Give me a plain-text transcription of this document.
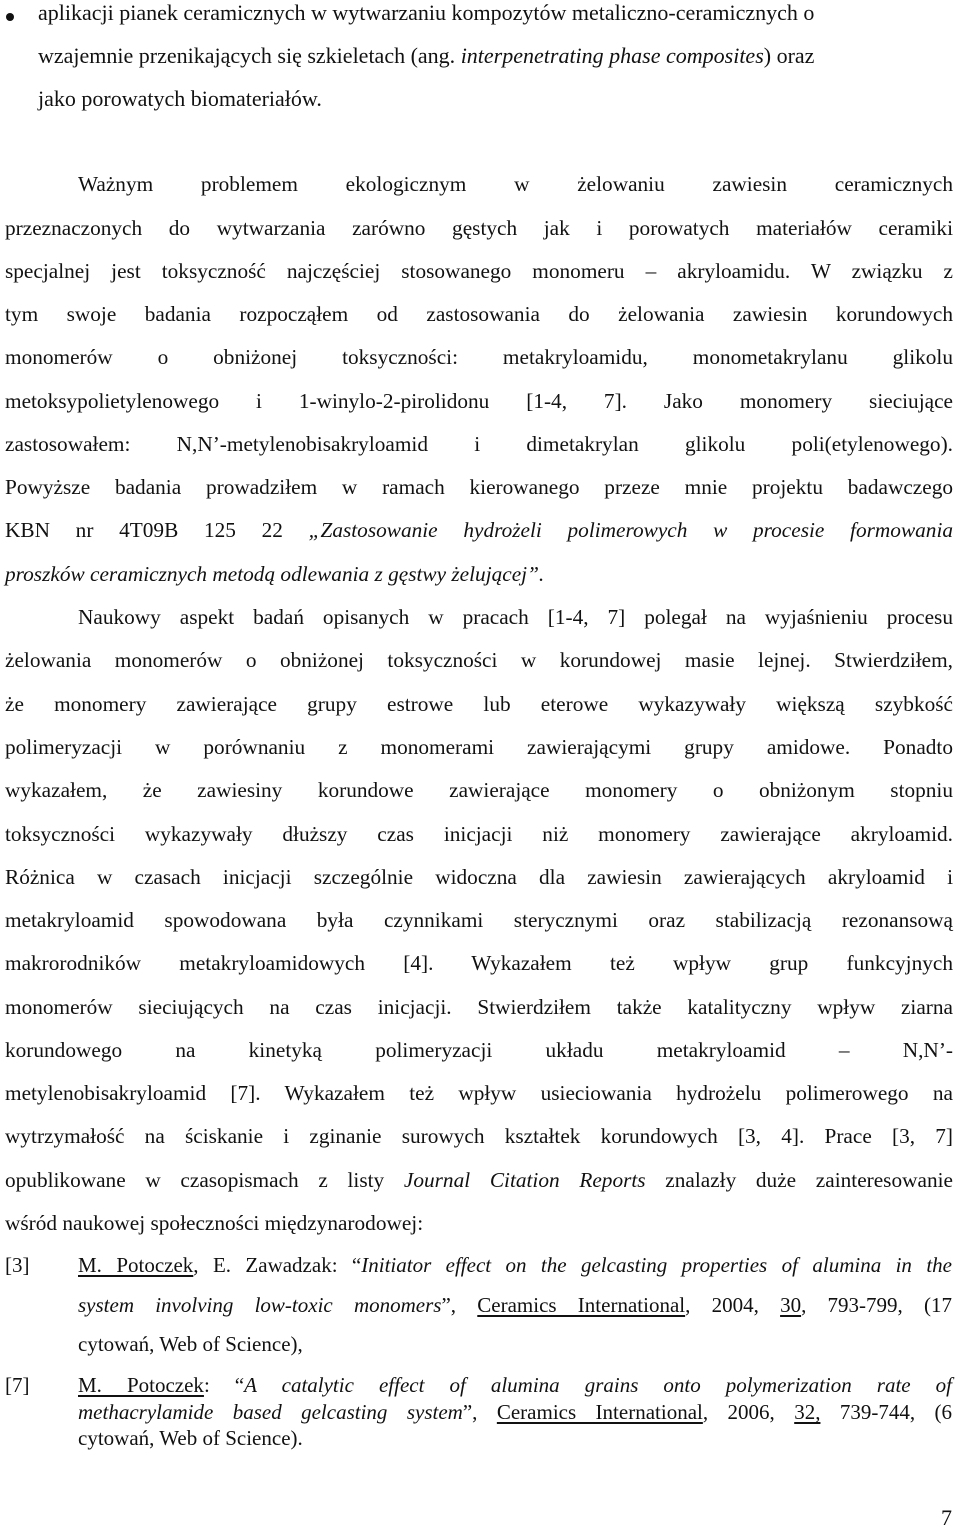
aplikacji pianek ceramicznych w wytwarzaniu kompozytów metaliczno-ceramicznych o
wzajemnie przenikających się szkieletach (ang. interpenetrating phase composites) oraz
jako porowatych biomateriałów.
Ważnym problemem ekologicznym w żelowaniu zawiesin ceramicznych
przeznaczonych do wytwarzania zarówno gęstych jak i porowatych materiałów ceramiki
specjalnej jest toksyczność najczęściej stosowanego monomeru – akryloamidu. W związku z
tym swoje badania rozpocząłem od zastosowania do żelowania zawiesin korundowych
monomerów o obniżonej toksyczności: metakryloamidu, monometakrylanu glikolu
metoksypolietylenowego i 1-winylo-2-pirolidonu [1-4, 7]. Jako monomery sieciujące
zastosowałem: N,N’-metylenobisakryloamid i dimetakrylan glikolu poli(etylenowego).
Powyższe badania prowadziłem w ramach kierowanego przeze mnie projektu badawczego
KBN nr 4T09B 125 22 „Zastosowanie hydrożeli polimerowych w procesie formowania
proszków ceramicznych metodą odlewania z gęstwy żelującej”.
Naukowy aspekt badań opisanych w pracach [1-4, 7] polegał na wyjaśnieniu procesu
żelowania monomerów o obniżonej toksyczności w korundowej masie lejnej. Stwierdziłem,
że monomery zawierające grupy estrowe lub eterowe wykazywały większą szybkość
polimeryzacji w porównaniu z monomerami zawierającymi grupy amidowe. Ponadto
wykazałem, że zawiesiny korundowe zawierające monomery o obniżonym stopniu
toksyczności wykazywały dłuższy czas inicjacji niż monomery zawierające akryloamid.
Różnica w czasach inicjacji szczególnie widoczna dla zawiesin zawierających akryloamid i
metakryloamid spowodowana była czynnikami sterycznymi oraz stabilizacją rezonansową
makrorodników metakryloamidowych [4]. Wykazałem też wpływ grup funkcyjnych
monomerów sieciujących na czas inicjacji. Stwierdziłem także katalityczny wpływ ziarna
korundowego na kinetyką polimeryzacji układu metakryloamid – N,N’-
metylenobisakryloamid [7]. Wykazałem też wpływ usieciowania hydrożelu polimerowego na
wytrzymałość na ściskanie i zginanie surowych kształtek korundowych [3, 4]. Prace [3, 7]
opublikowane w czasopismach z listy Journal Citation Reports znalazły duże zainteresowanie
wśród naukowej społeczności międzynarodowej:
[3] M. Potoczek, E. Zawadzak: “Initiator effect on the gelcasting properties of alumina in the
system involving low-toxic monomers”, Ceramics International, 2004, 30, 793-799, (17
cytowań, Web of Science),
[7] M. Potoczek: “A catalytic effect of alumina grains onto polymerization rate of
methacrylamide based gelcasting system”, Ceramics International, 2006, 32, 739-744, (6
cytowań, Web of Science).
7
